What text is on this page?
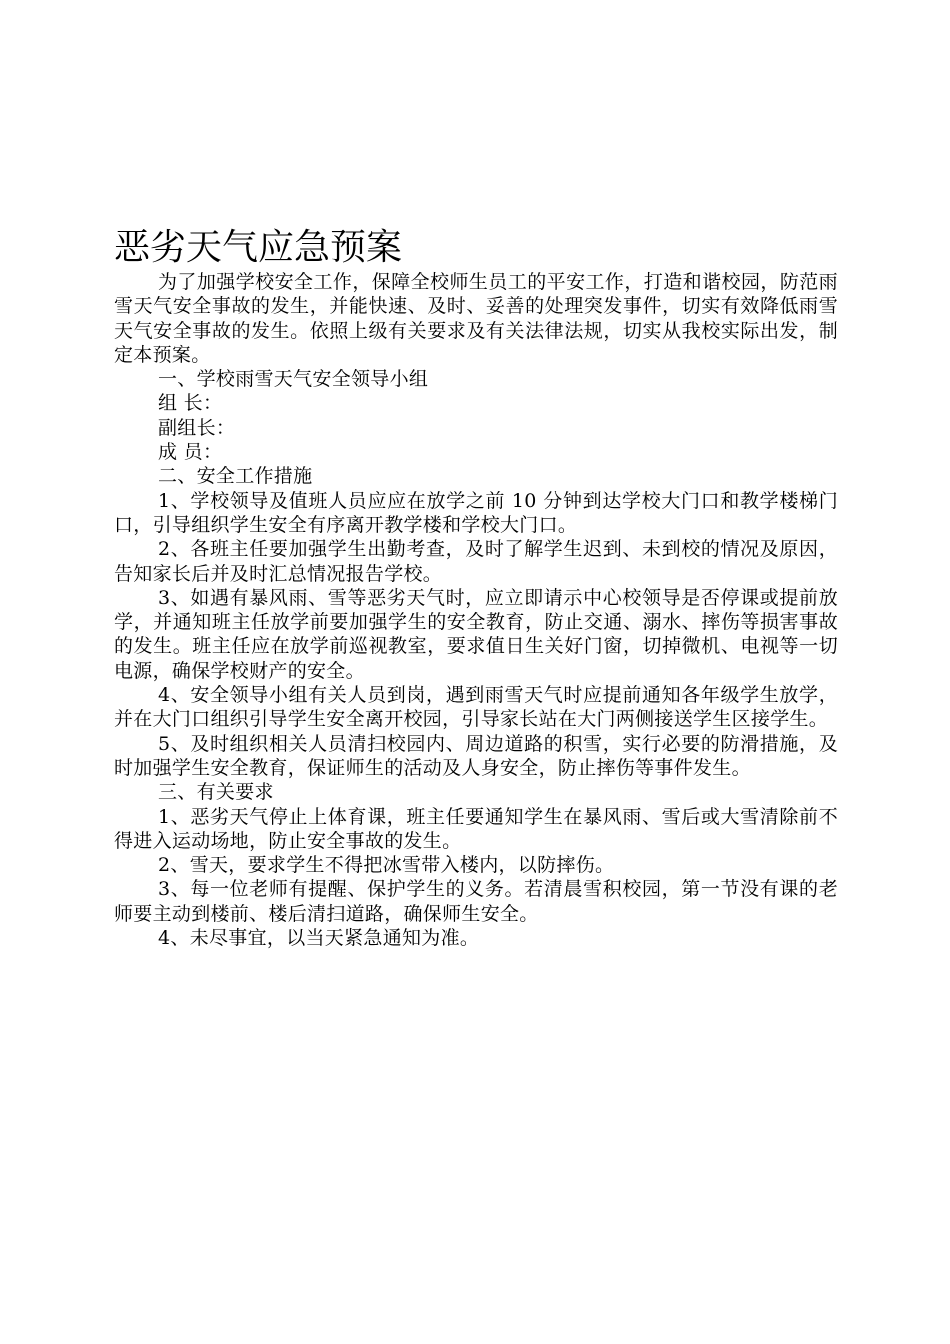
恶劣天气应急预案

为了加强学校安全工作，保障全校师生员工的平安工作，打造和谐校园，防范雨雪天气安全事故的发生，并能快速、及时、妥善的处理突发事件，切实有效降低雨雪天气安全事故的发生。依照上级有关要求及有关法律法规，切实从我校实际出发，制定本预案。

一、学校雨雪天气安全领导小组

组 长：

副组长：

成 员：

二、安全工作措施

1、学校领导及值班人员应应在放学之前 10 分钟到达学校大门口和教学楼梯门口，引导组织学生安全有序离开教学楼和学校大门口。

2、各班主任要加强学生出勤考查，及时了解学生迟到、未到校的情况及原因，告知家长后并及时汇总情况报告学校。

3、如遇有暴风雨、雪等恶劣天气时，应立即请示中心校领导是否停课或提前放学，并通知班主任放学前要加强学生的安全教育，防止交通、溺水、摔伤等损害事故的发生。班主任应在放学前巡视教室，要求值日生关好门窗，切掉微机、电视等一切电源，确保学校财产的安全。

4、安全领导小组有关人员到岗，遇到雨雪天气时应提前通知各年级学生放学，并在大门口组织引导学生安全离开校园，引导家长站在大门两侧接送学生区接学生。

5、及时组织相关人员清扫校园内、周边道路的积雪，实行必要的防滑措施，及时加强学生安全教育，保证师生的活动及人身安全，防止摔伤等事件发生。

三、有关要求

1、恶劣天气停止上体育课，班主任要通知学生在暴风雨、雪后或大雪清除前不得进入运动场地，防止安全事故的发生。

2、雪天，要求学生不得把冰雪带入楼内，以防摔伤。

3、每一位老师有提醒、保护学生的义务。若清晨雪积校园，第一节没有课的老师要主动到楼前、楼后清扫道路，确保师生安全。

4、未尽事宜，以当天紧急通知为准。
